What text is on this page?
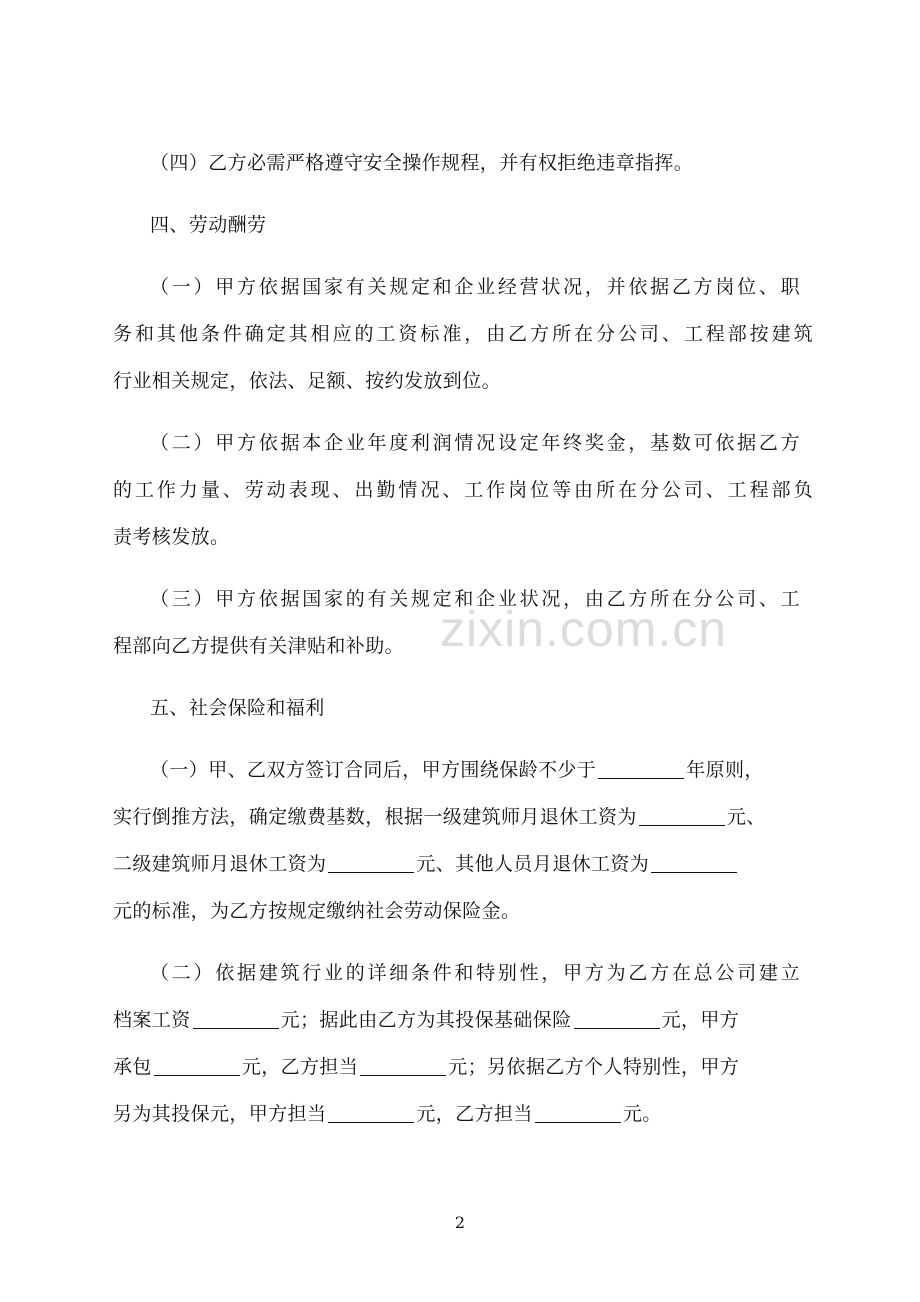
（四）乙方必需严格遵守安全操作规程，并有权拒绝违章指挥。
四、劳动酬劳
（一）甲方依据国家有关规定和企业经营状况，并依据乙方岗位、职
务和其他条件确定其相应的工资标准，由乙方所在分公司、工程部按建筑
行业相关规定，依法、足额、按约发放到位。
（二）甲方依据本企业年度利润情况设定年终奖金，基数可依据乙方
的工作力量、劳动表现、出勤情况、工作岗位等由所在分公司、工程部负
责考核发放。
（三）甲方依据国家的有关规定和企业状况，由乙方所在分公司、工
程部向乙方提供有关津贴和补助。
五、社会保险和福利
（一）甲、乙双方签订合同后，甲方围绕保龄不少于	年原则，
实行倒推方法，确定缴费基数，根据一级建筑师月退休工资为	元、
二级建筑师月退休工资为	元、其他人员月退休工资为
元的标准，为乙方按规定缴纳社会劳动保险金。
（二）依据建筑行业的详细条件和特别性，甲方为乙方在总公司建立
档案工资	元；据此由乙方为其投保基础保险	元，甲方
承包	元，乙方担当	元；另依据乙方个人特别性，甲方
另为其投保元，甲方担当	元，乙方担当	元。
zixin.com.cn
2
